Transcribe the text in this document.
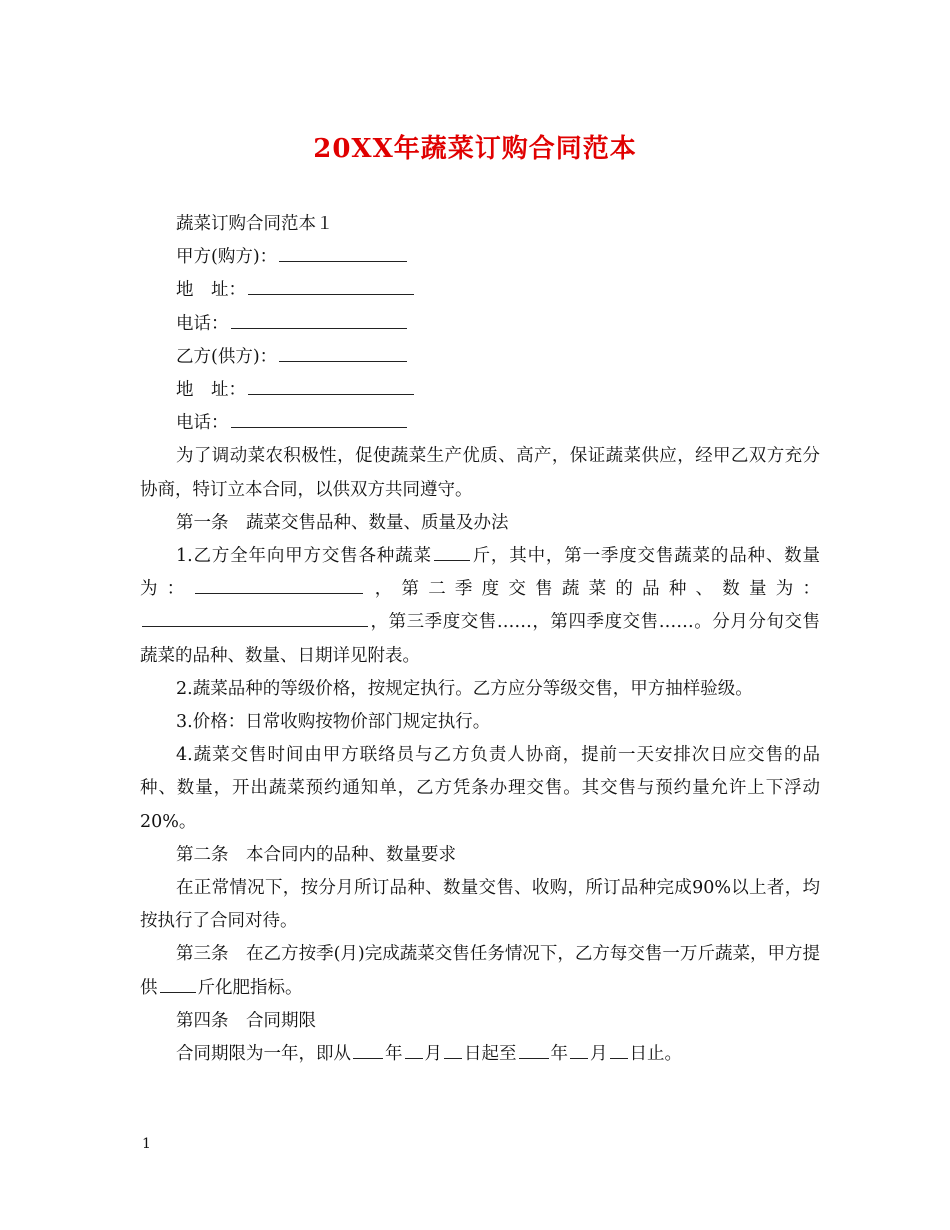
20XX年蔬菜订购合同范本

蔬菜订购合同范本１

甲方(购方)：

地　址：

电话：

乙方(供方)：

地　址：

电话：

为了调动菜农积极性，促使蔬菜生产优质、高产，保证蔬菜供应，经甲乙双方充分协商，特订立本合同，以供双方共同遵守。

第一条　蔬菜交售品种、数量、质量及办法

1.乙方全年向甲方交售各种蔬菜 斤，其中，第一季度交售蔬菜的品种、数量为：	，第二季度交售蔬菜的品种、数量为：，第三季度交售……，第四季度交售……。分月分旬交售蔬菜的品种、数量、日期详见附表。

2.蔬菜品种的等级价格，按规定执行。乙方应分等级交售，甲方抽样验级。

3.价格：日常收购按物价部门规定执行。

4.蔬菜交售时间由甲方联络员与乙方负责人协商，提前一天安排次日应交售的品种、数量，开出蔬菜预约通知单，乙方凭条办理交售。其交售与预约量允许上下浮动20%。

第二条　本合同内的品种、数量要求

在正常情况下，按分月所订品种、数量交售、收购，所订品种完成90%以上者，均按执行了合同对待。

第三条　在乙方按季(月)完成蔬菜交售任务情况下，乙方每交售一万斤蔬菜，甲方提供 斤化肥指标。

第四条　合同期限

合同期限为一年，即从 年 月 日起至 年 月 日止。

1
